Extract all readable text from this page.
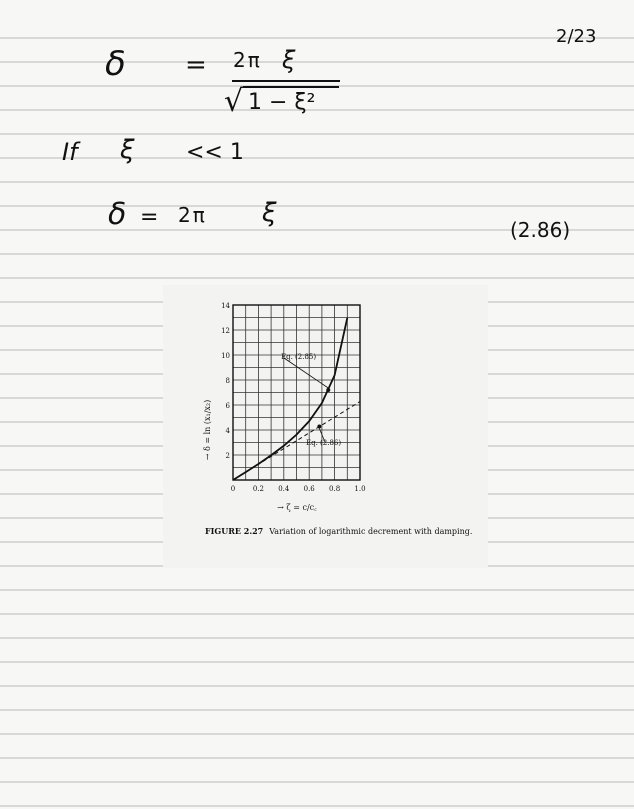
2/23
δ = 2π ξ
√ 1 − ξ²
If ξ << 1
δ = 2π ξ
(2.86)
→ δ = ln (x₁/x₂)
→ ζ = c/c꜀
0	0.2 0.4 0.6 0.8 1.0
2
4
6
8
10
12
14
Eq. (2.85)
Eq. (2.86)
FIGURE 2.27 Variation of logarithmic decrement with damping.
